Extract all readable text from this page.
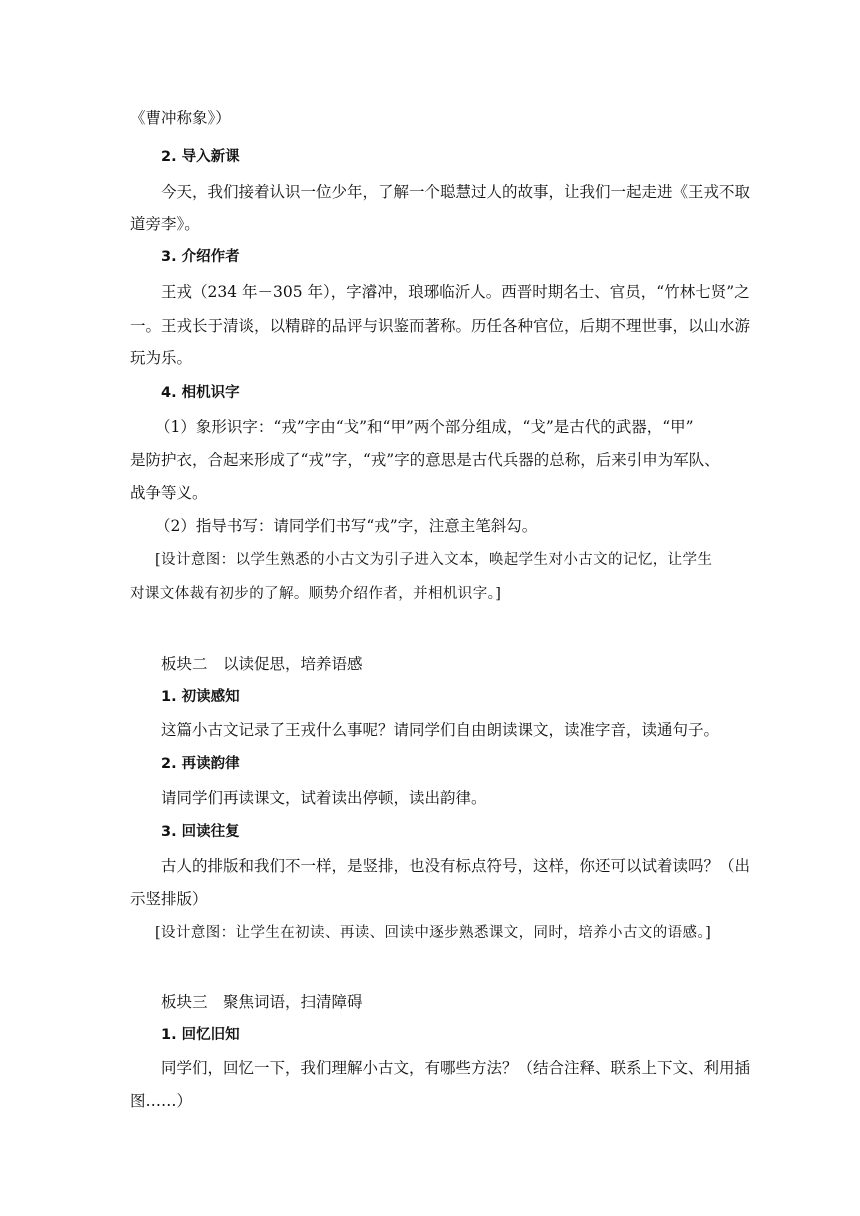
《曹冲称象》）
2. 导入新课
今天，我们接着认识一位少年，了解一个聪慧过人的故事，让我们一起走进《王戎不取
道旁李》。
3. 介绍作者
王戎（234 年－305 年），字濬冲，琅琊临沂人。西晋时期名士、官员，“竹林七贤”之
一。王戎长于清谈，以精辟的品评与识鉴而著称。历任各种官位，后期不理世事，以山水游
玩为乐。
4. 相机识字
（1）象形识字：“戎”字由“戈”和“甲”两个部分组成，“戈”是古代的武器，“甲”
是防护衣，合起来形成了“戎”字，“戎”字的意思是古代兵器的总称，后来引申为军队、
战争等义。
（2）指导书写：请同学们书写“戎”字，注意主笔斜勾。
[设计意图：以学生熟悉的小古文为引子进入文本，唤起学生对小古文的记忆，让学生
对课文体裁有初步的了解。顺势介绍作者，并相机识字。]
板块二　以读促思，培养语感
1. 初读感知
这篇小古文记录了王戎什么事呢？请同学们自由朗读课文，读准字音，读通句子。
2. 再读韵律
请同学们再读课文，试着读出停顿，读出韵律。
3. 回读往复
古人的排版和我们不一样，是竖排，也没有标点符号，这样，你还可以试着读吗？（出
示竖排版）
[设计意图：让学生在初读、再读、回读中逐步熟悉课文，同时，培养小古文的语感。]
板块三　聚焦词语，扫清障碍
1. 回忆旧知
同学们，回忆一下，我们理解小古文，有哪些方法？（结合注释、联系上下文、利用插
图……）
